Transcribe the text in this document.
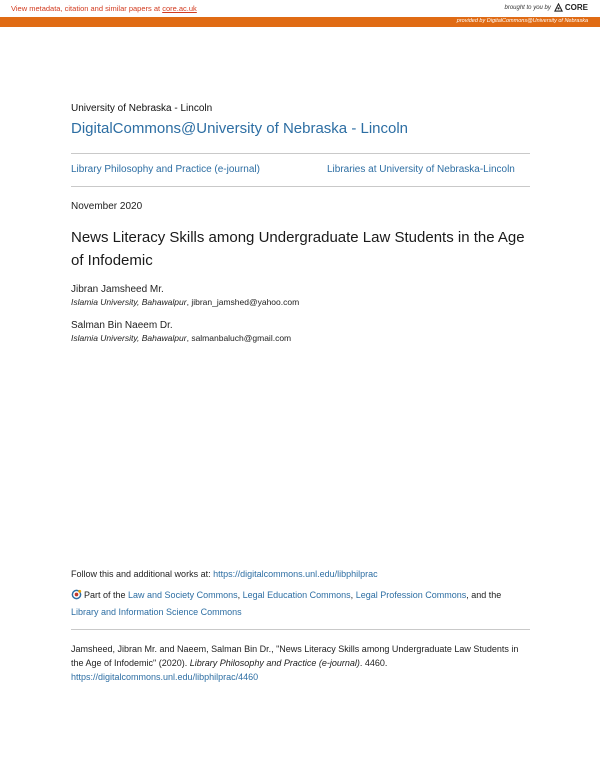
View metadata, citation and similar papers at core.ac.uk	brought to you by CORE
provided by DigitalCommons@University of Nebraska
University of Nebraska - Lincoln
DigitalCommons@University of Nebraska - Lincoln
Library Philosophy and Practice (e-journal)	Libraries at University of Nebraska-Lincoln
November 2020
News Literacy Skills among Undergraduate Law Students in the Age of Infodemic
Jibran Jamsheed Mr.
Islamia University, Bahawalpur, jibran_jamshed@yahoo.com
Salman Bin Naeem Dr.
Islamia University, Bahawalpur, salmanbaluch@gmail.com
Follow this and additional works at: https://digitalcommons.unl.edu/libphilprac
Part of the Law and Society Commons, Legal Education Commons, Legal Profession Commons, and the Library and Information Science Commons
Jamsheed, Jibran Mr. and Naeem, Salman Bin Dr., "News Literacy Skills among Undergraduate Law Students in the Age of Infodemic" (2020). Library Philosophy and Practice (e-journal). 4460.
https://digitalcommons.unl.edu/libphilprac/4460
